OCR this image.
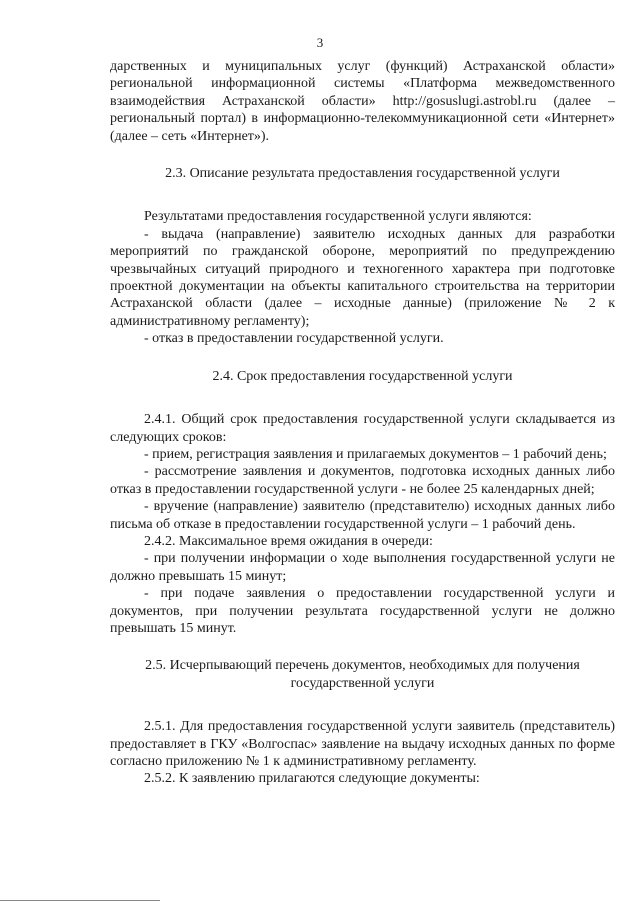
3

дарственных и муниципальных услуг (функций) Астраханской области» региональной информационной системы «Платформа межведомственного взаимодействия Астраханской области» http://gosuslugi.astrobl.ru (далее – региональный портал) в информационно-телекоммуникационной сети «Интернет» (далее – сеть «Интернет»).

2.3. Описание результата предоставления государственной услуги

Результатами предоставления государственной услуги являются:

- выдача (направление) заявителю исходных данных для разработки мероприятий по гражданской обороне, мероприятий по предупреждению чрезвычайных ситуаций природного и техногенного характера при подготовке проектной документации на объекты капитального строительства на территории Астраханской области (далее – исходные данные) (приложение № 2 к административному регламенту);

- отказ в предоставлении государственной услуги.

2.4. Срок предоставления государственной услуги

2.4.1. Общий срок предоставления государственной услуги складывается из следующих сроков:

- прием, регистрация заявления и прилагаемых документов – 1 рабочий день;

- рассмотрение заявления и документов, подготовка исходных данных либо отказ в предоставлении государственной услуги - не более 25 календарных дней;

- вручение (направление) заявителю (представителю) исходных данных либо письма об отказе в предоставлении государственной услуги – 1 рабочий день.

2.4.2. Максимальное время ожидания в очереди:

- при получении информации о ходе выполнения государственной услуги не должно превышать 15 минут;

- при подаче заявления о предоставлении государственной услуги и документов, при получении результата государственной услуги не должно превышать 15 минут.

2.5. Исчерпывающий перечень документов, необходимых для получения государственной услуги

2.5.1. Для предоставления государственной услуги заявитель (представитель) предоставляет в ГКУ «Волгоспас» заявление на выдачу исходных данных по форме согласно приложению № 1 к административному регламенту.

2.5.2. К заявлению прилагаются следующие документы:
